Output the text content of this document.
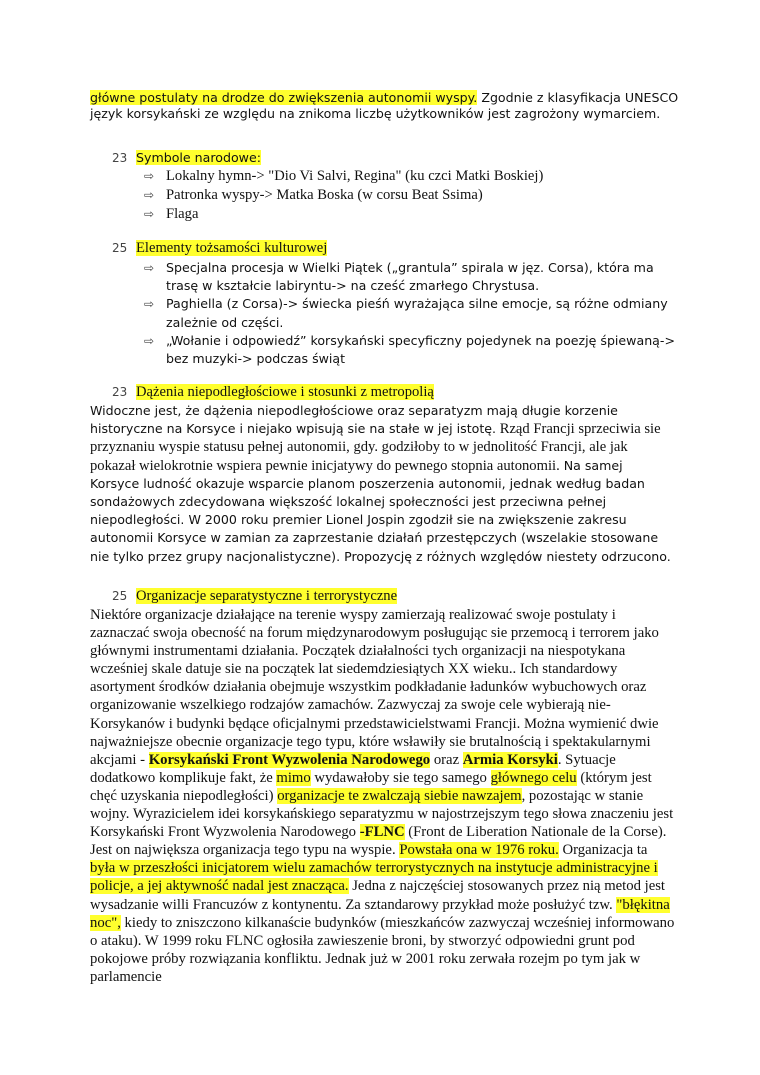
główne postulaty na drodze do zwiększenia autonomii wyspy. Zgodnie z klasyfikacja UNESCO język korsykański ze względu na znikoma liczbę użytkowników jest zagrożony wymarciem.
23 Symbole narodowe:
⇨ Lokalny hymn-> "Dio Vi Salvi, Regina" (ku czci Matki Boskiej)
⇨ Patronka wyspy-> Matka Boska (w corsu Beat Ssima)
⇨ Flaga
25 Elementy tożsamości kulturowej
⇨ Specjalna procesja w Wielki Piątek („grantula” spirala w jęz. Corsa), która ma trasę w kształcie labiryntu-> na cześć zmarłego Chrystusa.
⇨ Paghiella (z Corsa)-> świecka pieśń wyrażająca silne emocje, są różne odmiany zależnie od części.
⇨ „Wołanie i odpowiedź” korsykański specyficzny pojedynek na poezję śpiewaną-> bez muzyki-> podczas świąt
23 Dążenia niepodległościowe i stosunki z metropolią

Widoczne jest, że dążenia niepodległościowe oraz separatyzm mają długie korzenie historyczne na Korsyce i niejako wpisują sie na stałe w jej istotę. Rząd Francji sprzeciwia sie przyznaniu wyspie statusu pełnej autonomii, gdy. godziłoby to w jednolitość Francji, ale jak pokazał wielokrotnie wspiera pewnie inicjatywy do pewnego stopnia autonomii. Na samej Korsyce ludność okazuje wsparcie planom poszerzenia autonomii, jednak według badan sondażowych zdecydowana większość lokalnej społeczności jest przeciwna pełnej niepodległości. W 2000 roku premier Lionel Jospin zgodził sie na zwiększenie zakresu autonomii Korsyce w zamian za zaprzestanie działań przestępczych (wszelakie stosowane nie tylko przez grupy nacjonalistyczne). Propozycję z różnych względów niestety odrzucono.

25 Organizacje separatystyczne i terrorystyczne

Niektóre organizacje działające na terenie wyspy zamierzają realizować swoje postulaty i zaznaczać swoja obecność na forum międzynarodowym posługując sie przemocą i terrorem jako głównymi instrumentami działania. Początek działalności tych organizacji na niespotykana wcześniej skale datuje sie na początek lat siedemdziesiątych XX wieku.. Ich standardowy asortyment środków działania obejmuje wszystkim podkładanie ładunków wybuchowych oraz organizowanie wszelkiego rodzajów zamachów. Zazwyczaj za swoje cele wybierają nie-Korsykanów i budynki będące oficjalnymi przedstawicielstwami Francji. Można wymienić dwie najważniejsze obecnie organizacje tego typu, które wsławiły sie brutalnością i spektakularnymi akcjami - Korsykański Front Wyzwolenia Narodowego oraz Armia Korsyki. Sytuacje dodatkowo komplikuje fakt, że mimo wydawałoby sie tego samego głównego celu (którym jest chęć uzyskania niepodległości) organizacje te zwalczają siebie nawzajem, pozostając w stanie wojny. Wyrazicielem idei korsykańskiego separatyzmu w najostrzejszym tego słowa znaczeniu jest Korsykański Front Wyzwolenia Narodowego -FLNC (Front de Liberation Nationale de la Corse). Jest on największa organizacja tego typu na wyspie. Powstała ona w 1976 roku. Organizacja ta była w przeszłości inicjatorem wielu zamachów terrorystycznych na instytucje administracyjne i policje, a jej aktywność nadal jest znacząca. Jedna z najczęściej stosowanych przez nią metod jest wysadzanie willi Francuzów z kontynentu. Za sztandarowy przykład może posłużyć tzw. "błękitna noc", kiedy to zniszczono kilkanaście budynków (mieszkańców zazwyczaj wcześniej informowano o ataku). W 1999 roku FLNC ogłosiła zawieszenie broni, by stworzyć odpowiedni grunt pod pokojowe próby rozwiązania konfliktu. Jednak już w 2001 roku zerwała rozejm po tym jak w parlamencie
